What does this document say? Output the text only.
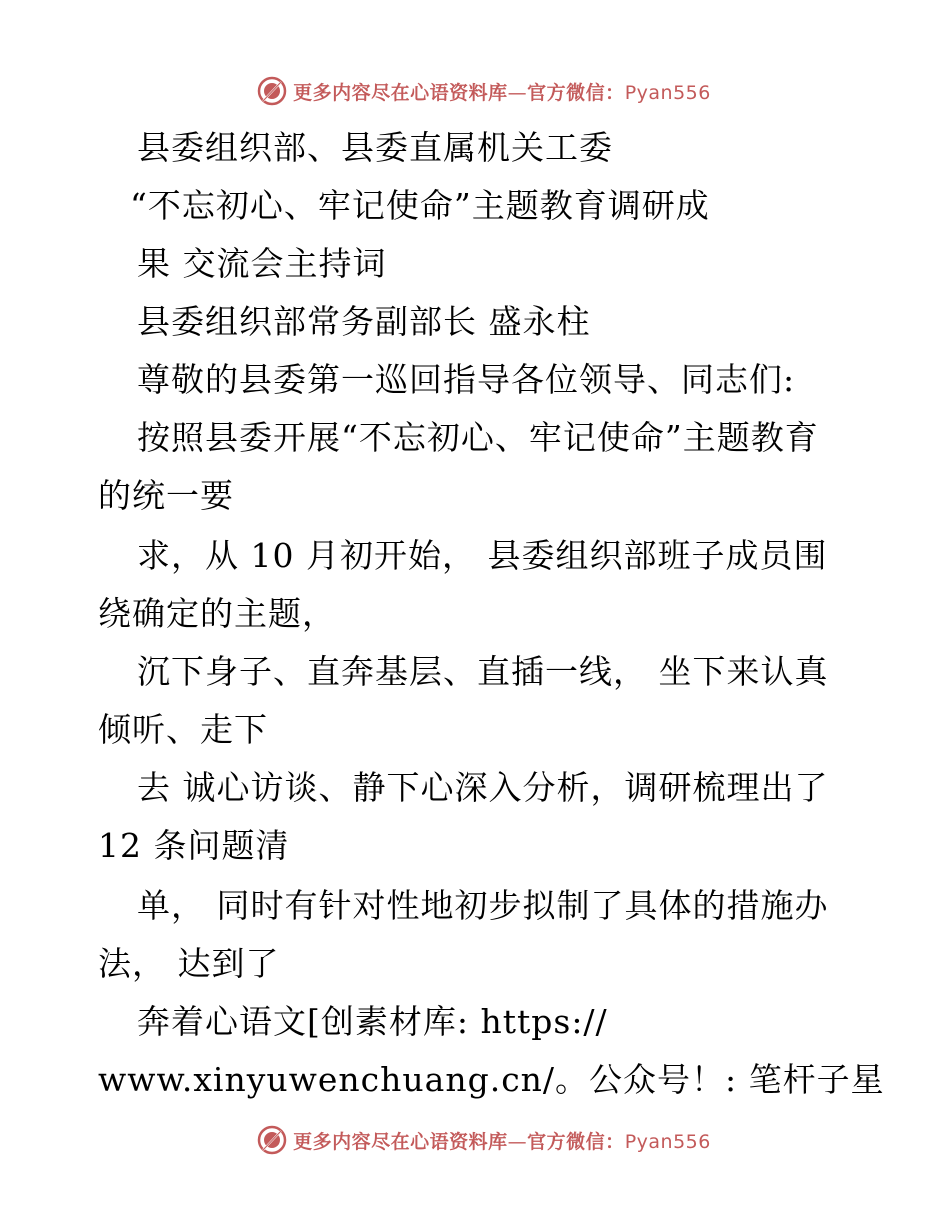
更多内容尽在心语资料库—官方微信：Pyan556
县委组织部、县委直属机关工委
“不忘初心、牢记使命”主题教育调研成
果 交流会主持词
县委组织部常务副部长 盛永柱
尊敬的县委第一巡回指导各位领导、同志们:
按照县委开展“不忘初心、牢记使命”主题教育
的统一要
求，从 10 月初开始， 县委组织部班子成员围
绕确定的主题，
沉下身子、直奔基层、直插一线， 坐下来认真
倾听、走下
去 诚心访谈、静下心深入分析，调研梳理出了
12 条问题清
单， 同时有针对性地初步拟制了具体的措施办
法， 达到了
奔着心语文[创素材库: https://
www.xinyuwenchuang.cn/。公众号！: 笔杆子星
更多内容尽在心语资料库—官方微信：Pyan556
